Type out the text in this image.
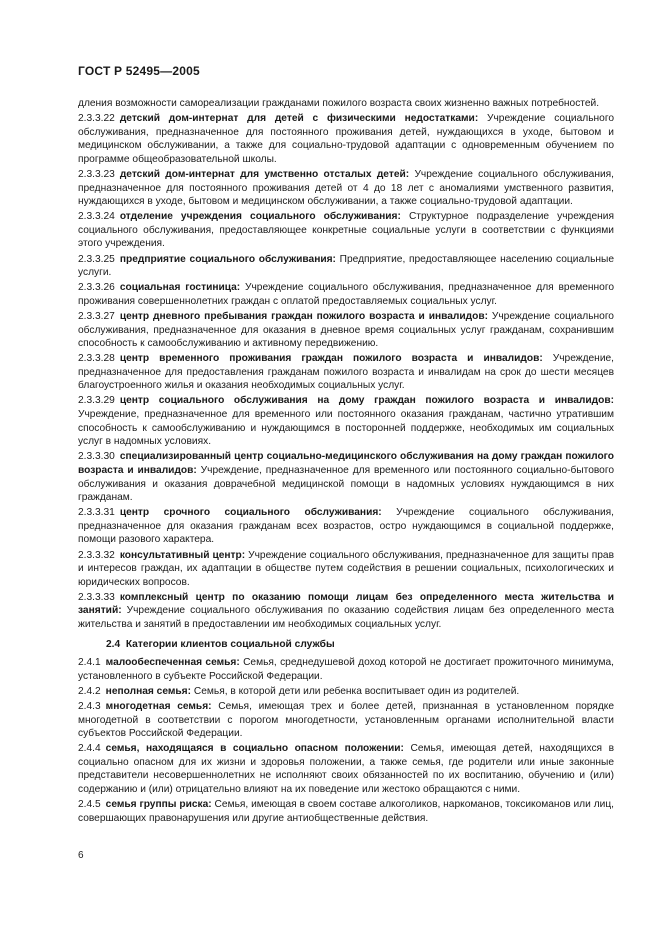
ГОСТ Р 52495—2005

дления возможности самореализации гражданами пожилого возраста своих жизненно важных потребностей.

2.3.3.22 детский дом-интернат для детей с физическими недостатками: Учреждение социального обслуживания, предназначенное для постоянного проживания детей, нуждающихся в уходе, бытовом и медицинском обслуживании, а также для социально-трудовой адаптации с одновременным обучением по программе общеобразовательной школы.

2.3.3.23 детский дом-интернат для умственно отсталых детей: Учреждение социального обслуживания, предназначенное для постоянного проживания детей от 4 до 18 лет с аномалиями умственного развития, нуждающихся в уходе, бытовом и медицинском обслуживании, а также социально-трудовой адаптации.

2.3.3.24 отделение учреждения социального обслуживания: Структурное подразделение учреждения социального обслуживания, предоставляющее конкретные социальные услуги в соответствии с функциями этого учреждения.

2.3.3.25 предприятие социального обслуживания: Предприятие, предоставляющее населению социальные услуги.

2.3.3.26 социальная гостиница: Учреждение социального обслуживания, предназначенное для временного проживания совершеннолетних граждан с оплатой предоставляемых социальных услуг.

2.3.3.27 центр дневного пребывания граждан пожилого возраста и инвалидов: Учреждение социального обслуживания, предназначенное для оказания в дневное время социальных услуг гражданам, сохранившим способность к самообслуживанию и активному передвижению.

2.3.3.28 центр временного проживания граждан пожилого возраста и инвалидов: Учреждение, предназначенное для предоставления гражданам пожилого возраста и инвалидам на срок до шести месяцев благоустроенного жилья и оказания необходимых социальных услуг.

2.3.3.29 центр социального обслуживания на дому граждан пожилого возраста и инвалидов: Учреждение, предназначенное для временного или постоянного оказания гражданам, частично утратившим способность к самообслуживанию и нуждающимся в посторонней поддержке, необходимых им социальных услуг в надомных условиях.

2.3.3.30 специализированный центр социально-медицинского обслуживания на дому граждан пожилого возраста и инвалидов: Учреждение, предназначенное для временного или постоянного социально-бытового обслуживания и оказания доврачебной медицинской помощи в надомных условиях нуждающимся в них гражданам.

2.3.3.31 центр срочного социального обслуживания: Учреждение социального обслуживания, предназначенное для оказания гражданам всех возрастов, остро нуждающимся в социальной поддержке, помощи разового характера.

2.3.3.32 консультативный центр: Учреждение социального обслуживания, предназначенное для защиты прав и интересов граждан, их адаптации в обществе путем содействия в решении социальных, психологических и юридических вопросов.

2.3.3.33 комплексный центр по оказанию помощи лицам без определенного места жительства и занятий: Учреждение социального обслуживания по оказанию содействия лицам без определенного места жительства и занятий в предоставлении им необходимых социальных услуг.

2.4 Категории клиентов социальной службы

2.4.1 малообеспеченная семья: Семья, среднедушевой доход которой не достигает прожиточного минимума, установленного в субъекте Российской Федерации.

2.4.2 неполная семья: Семья, в которой дети или ребенка воспитывает один из родителей.

2.4.3 многодетная семья: Семья, имеющая трех и более детей, признанная в установленном порядке многодетной в соответствии с порогом многодетности, установленным органами исполнительной власти субъектов Российской Федерации.

2.4.4 семья, находящаяся в социально опасном положении: Семья, имеющая детей, находящихся в социально опасном для их жизни и здоровья положении, а также семья, где родители или иные законные представители несовершеннолетних не исполняют своих обязанностей по их воспитанию, обучению и (или) содержанию и (или) отрицательно влияют на их поведение или жестоко обращаются с ними.

2.4.5 семья группы риска: Семья, имеющая в своем составе алкоголиков, наркоманов, токсикоманов или лиц, совершающих правонарушения или другие антиобщественные действия.

6
